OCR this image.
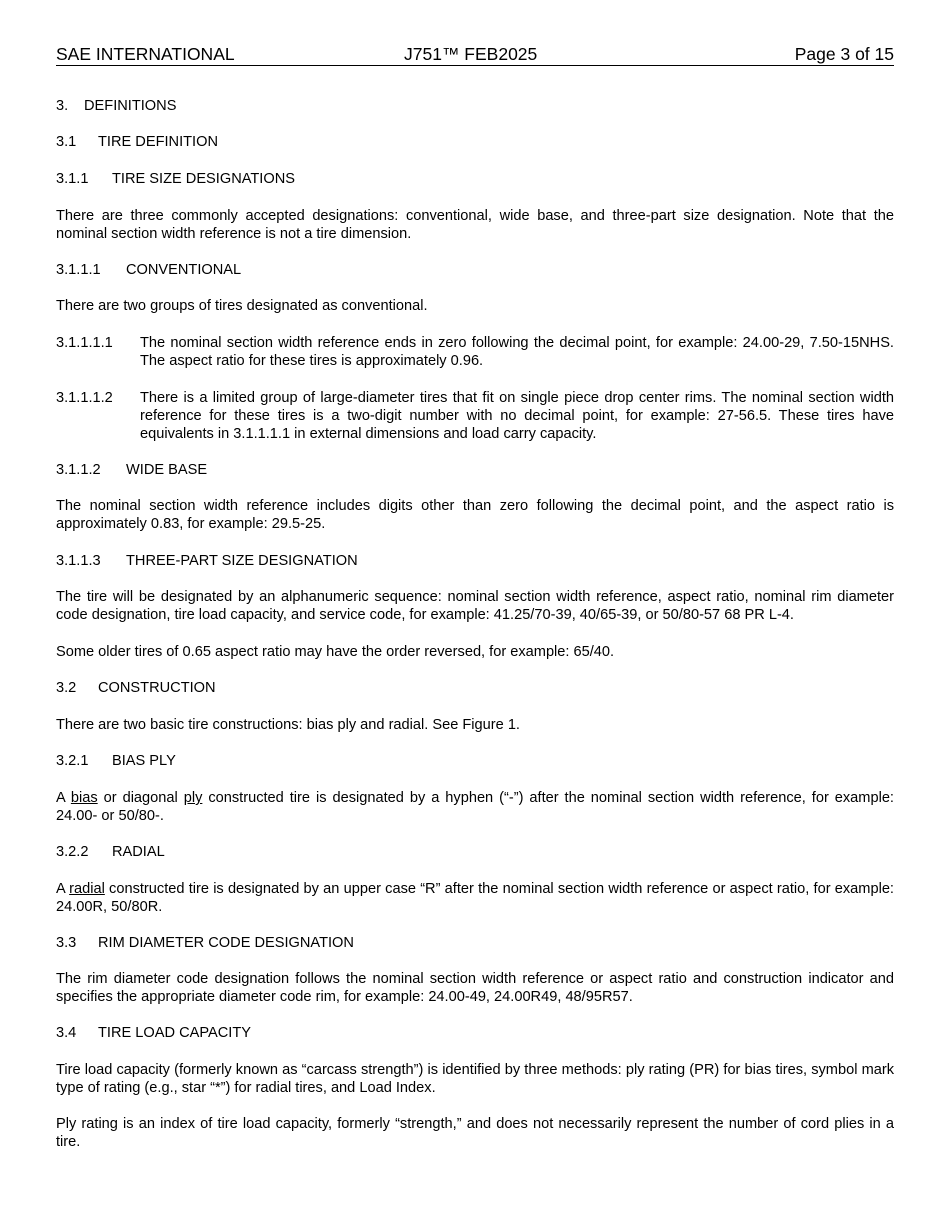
SAE INTERNATIONAL	J751™ FEB2025	Page 3 of 15
3. DEFINITIONS
3.1 TIRE DEFINITION
3.1.1 TIRE SIZE DESIGNATIONS

There are three commonly accepted designations: conventional, wide base, and three-part size designation. Note that the nominal section width reference is not a tire dimension.

3.1.1.1 CONVENTIONAL

There are two groups of tires designated as conventional.

3.1.1.1.1 The nominal section width reference ends in zero following the decimal point, for example: 24.00-29, 7.50-15NHS. The aspect ratio for these tires is approximately 0.96.
3.1.1.1.2 There is a limited group of large-diameter tires that fit on single piece drop center rims. The nominal section width reference for these tires is a two-digit number with no decimal point, for example: 27-56.5. These tires have equivalents in 3.1.1.1.1 in external dimensions and load carry capacity.
3.1.1.2 WIDE BASE

The nominal section width reference includes digits other than zero following the decimal point, and the aspect ratio is approximately 0.83, for example: 29.5-25.

3.1.1.3 THREE-PART SIZE DESIGNATION

The tire will be designated by an alphanumeric sequence: nominal section width reference, aspect ratio, nominal rim diameter code designation, tire load capacity, and service code, for example: 41.25/70-39, 40/65-39, or 50/80-57 68 PR L-4.

Some older tires of 0.65 aspect ratio may have the order reversed, for example: 65/40.

3.2 CONSTRUCTION

There are two basic tire constructions: bias ply and radial. See Figure 1.

3.2.1 BIAS PLY

A bias or diagonal ply constructed tire is designated by a hyphen (“-”) after the nominal section width reference, for example: 24.00- or 50/80-.

3.2.2 RADIAL

A radial constructed tire is designated by an upper case “R” after the nominal section width reference or aspect ratio, for example: 24.00R, 50/80R.

3.3 RIM DIAMETER CODE DESIGNATION

The rim diameter code designation follows the nominal section width reference or aspect ratio and construction indicator and specifies the appropriate diameter code rim, for example: 24.00-49, 24.00R49, 48/95R57.

3.4 TIRE LOAD CAPACITY

Tire load capacity (formerly known as “carcass strength”) is identified by three methods: ply rating (PR) for bias tires, symbol mark type of rating (e.g., star “*”) for radial tires, and Load Index.

Ply rating is an index of tire load capacity, formerly “strength,” and does not necessarily represent the number of cord plies in a tire.
